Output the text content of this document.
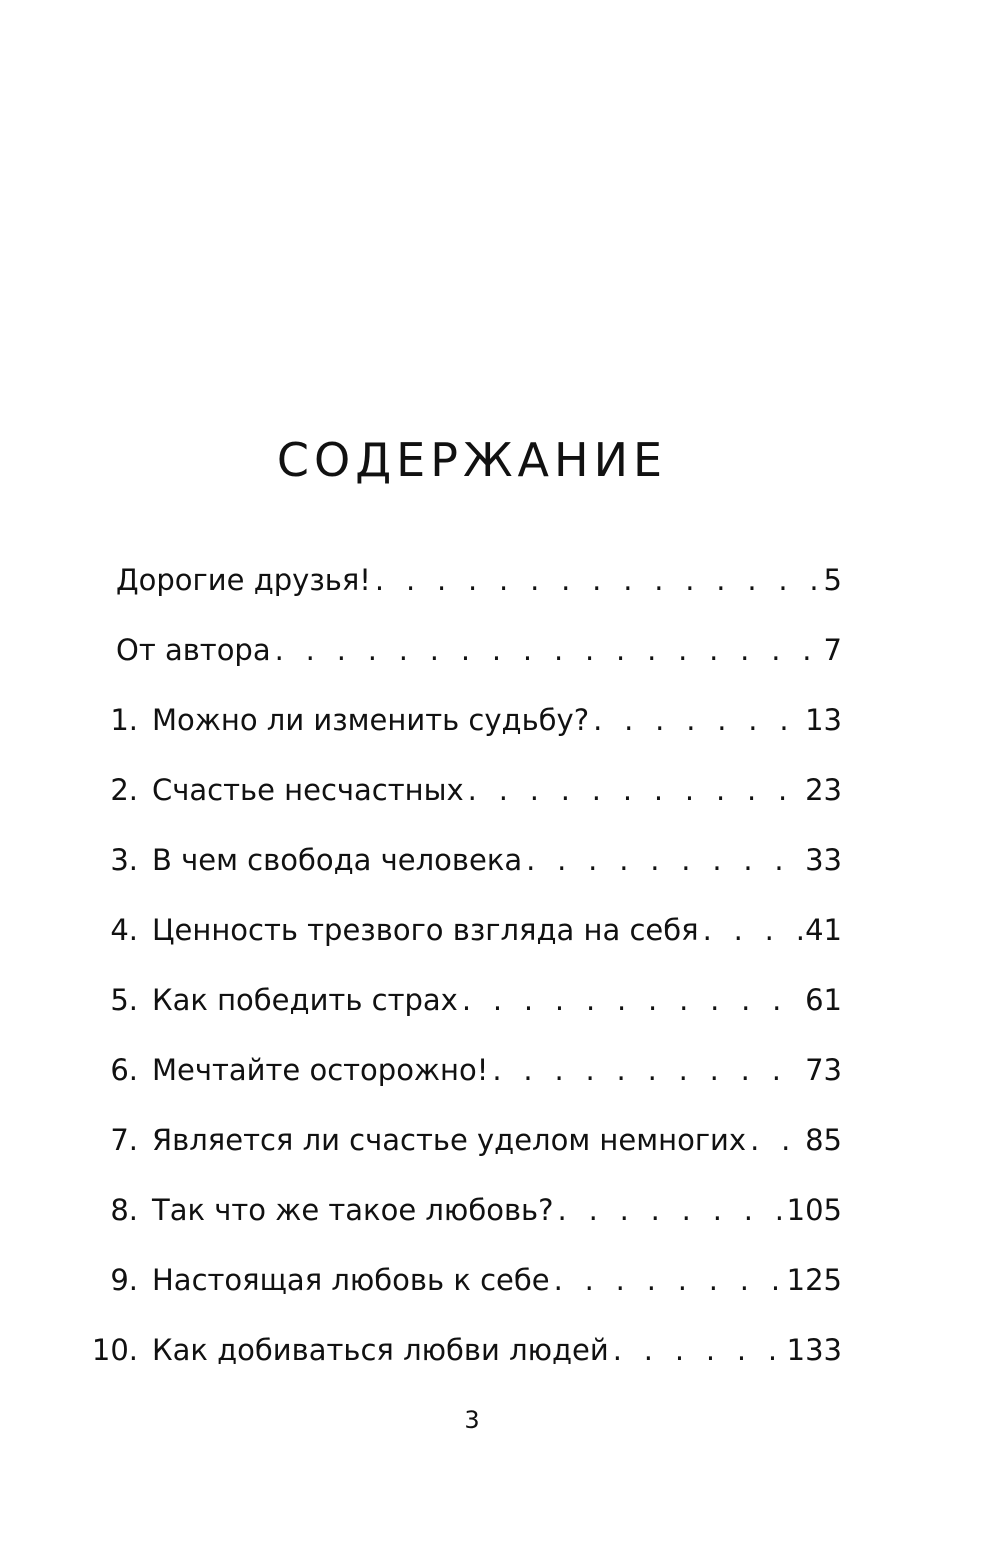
СОДЕРЖАНИЕ
Дорогие друзья! . . .	5
От автора . . .	7
1. Можно ли изменить судьбу? . . .	13
2. Счастье несчастных . . .	23
3. В чем свобода человека . . .	33
4. Ценность трезвого взгляда на себя . . .	41
5. Как победить страх . . .	61
6. Мечтайте осторожно! . . .	73
7. Является ли счастье уделом немногих . . . 85
8. Так что же такое любовь? . . .	105
9. Настоящая любовь к себе . . .	125
10. Как добиваться любви людей . . .	133
3
